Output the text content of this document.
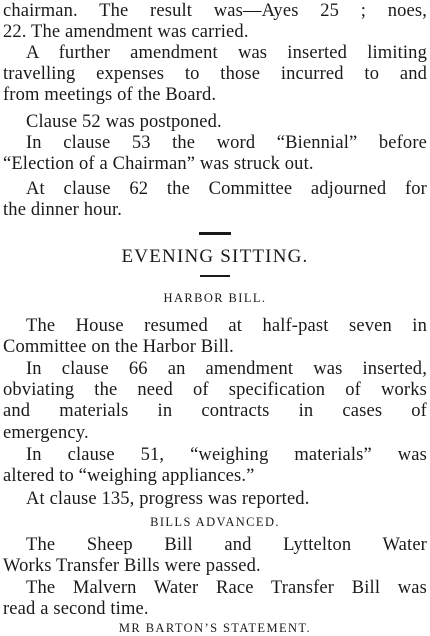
chairman. The result was—Ayes 25 ; noes,
22. The amendment was carried.
A further amendment was inserted limiting
travelling expenses to those incurred to and
from meetings of the Board.
Clause 52 was postponed.
In clause 53 the word “Biennial” before
“Election of a Chairman” was struck out.
At clause 62 the Committee adjourned for
the dinner hour.
EVENING SITTING.
HARBOR BILL.
The House resumed at half-past seven in
Committee on the Harbor Bill.
In clause 66 an amendment was inserted,
obviating the need of specification of works
and materials in contracts in cases of
emergency.
In clause 51, “weighing materials” was
altered to “weighing appliances.”
At clause 135, progress was reported.
BILLS ADVANCED.
The Sheep Bill and Lyttelton Water
Works Transfer Bills were passed.
The Malvern Water Race Transfer Bill was
read a second time.
MR BARTON’S STATEMENT.
